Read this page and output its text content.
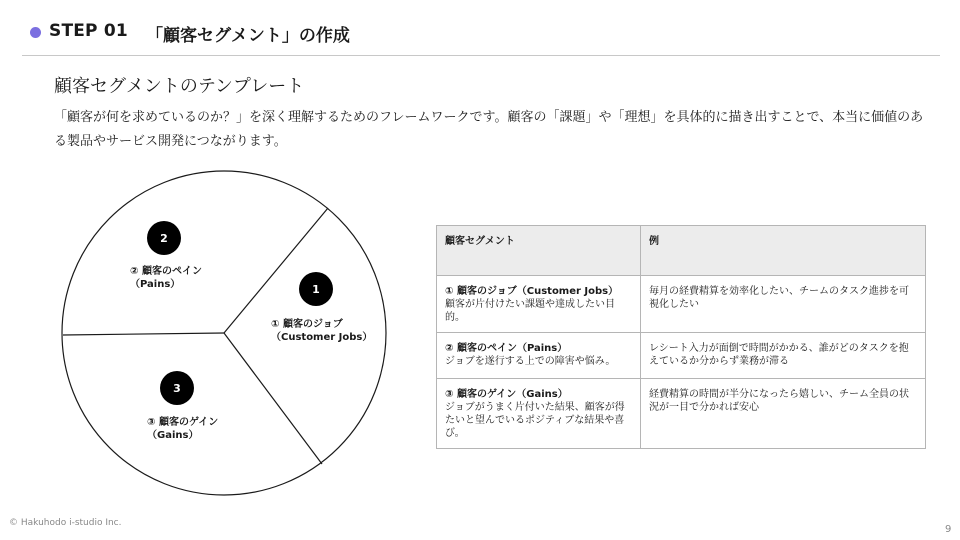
STEP 01 「顧客セグメント」の作成
顧客セグメントのテンプレート
「顧客が何を求めているのか？」を深く理解するためのフレームワークです。顧客の「課題」や「理想」を具体的に描き出すことで、本当に価値のある製品やサービス開発につながります。
2
② 顧客のペイン
（Pains）	1
① 顧客のジョブ
（Customer Jobs）
3
③ 顧客のゲイン
（Gains）
顧客セグメント	例

① 顧客のジョブ（Customer Jobs）
顧客が片付けたい課題や達成したい目的。	毎月の経費精算を効率化したい、チームのタスク進捗を可視化したい

② 顧客のペイン（Pains）
ジョブを遂行する上での障害や悩み。	レシート入力が面倒で時間がかかる、誰がどのタスクを抱えているか分からず業務が滞る

③ 顧客のゲイン（Gains）
ジョブがうまく片付いた結果、顧客が得たいと望んでいるポジティブな結果や喜び。	経費精算の時間が半分になったら嬉しい、チーム全員の状況が一目で分かれば安心
© Hakuhodo i-studio Inc.
9
